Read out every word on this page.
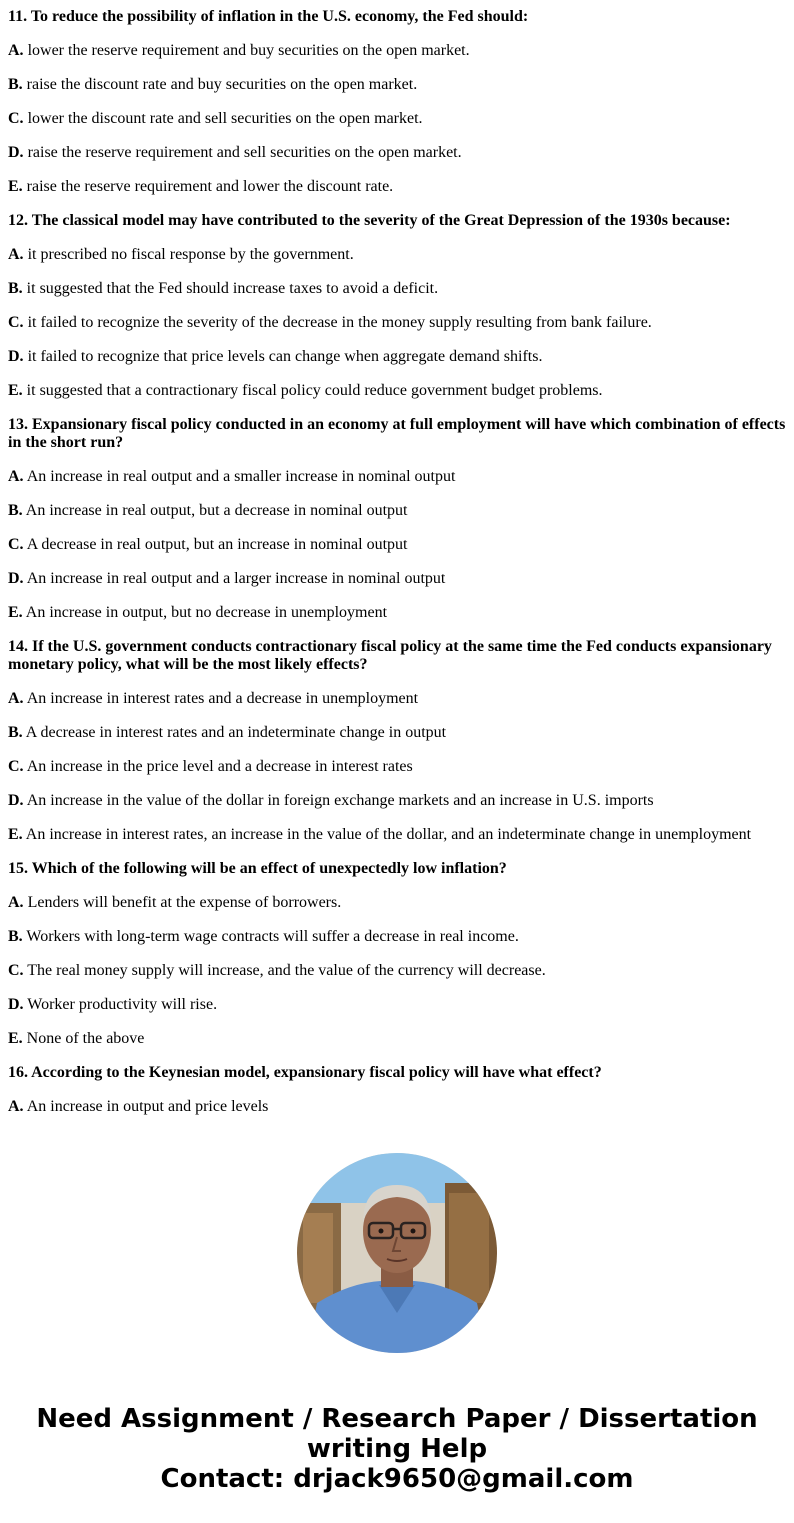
11. To reduce the possibility of inflation in the U.S. economy, the Fed should:
A. lower the reserve requirement and buy securities on the open market.
B. raise the discount rate and buy securities on the open market.
C. lower the discount rate and sell securities on the open market.
D. raise the reserve requirement and sell securities on the open market.
E. raise the reserve requirement and lower the discount rate.
12. The classical model may have contributed to the severity of the Great Depression of the 1930s because:
A. it prescribed no fiscal response by the government.
B. it suggested that the Fed should increase taxes to avoid a deficit.
C. it failed to recognize the severity of the decrease in the money supply resulting from bank failure.
D. it failed to recognize that price levels can change when aggregate demand shifts.
E. it suggested that a contractionary fiscal policy could reduce government budget problems.
13. Expansionary fiscal policy conducted in an economy at full employment will have which combination of effects in the short run?
A. An increase in real output and a smaller increase in nominal output
B. An increase in real output, but a decrease in nominal output
C. A decrease in real output, but an increase in nominal output
D. An increase in real output and a larger increase in nominal output
E. An increase in output, but no decrease in unemployment
14. If the U.S. government conducts contractionary fiscal policy at the same time the Fed conducts expansionary monetary policy, what will be the most likely effects?
A. An increase in interest rates and a decrease in unemployment
B. A decrease in interest rates and an indeterminate change in output
C. An increase in the price level and a decrease in interest rates
D. An increase in the value of the dollar in foreign exchange markets and an increase in U.S. imports
E. An increase in interest rates, an increase in the value of the dollar, and an indeterminate change in unemployment
15. Which of the following will be an effect of unexpectedly low inflation?
A. Lenders will benefit at the expense of borrowers.
B. Workers with long-term wage contracts will suffer a decrease in real income.
C. The real money supply will increase, and the value of the currency will decrease.
D. Worker productivity will rise.
E. None of the above
16. According to the Keynesian model, expansionary fiscal policy will have what effect?
A. An increase in output and price levels
Need Assignment / Research Paper / Dissertation
writing Help
Contact: drjack9650@gmail.com
